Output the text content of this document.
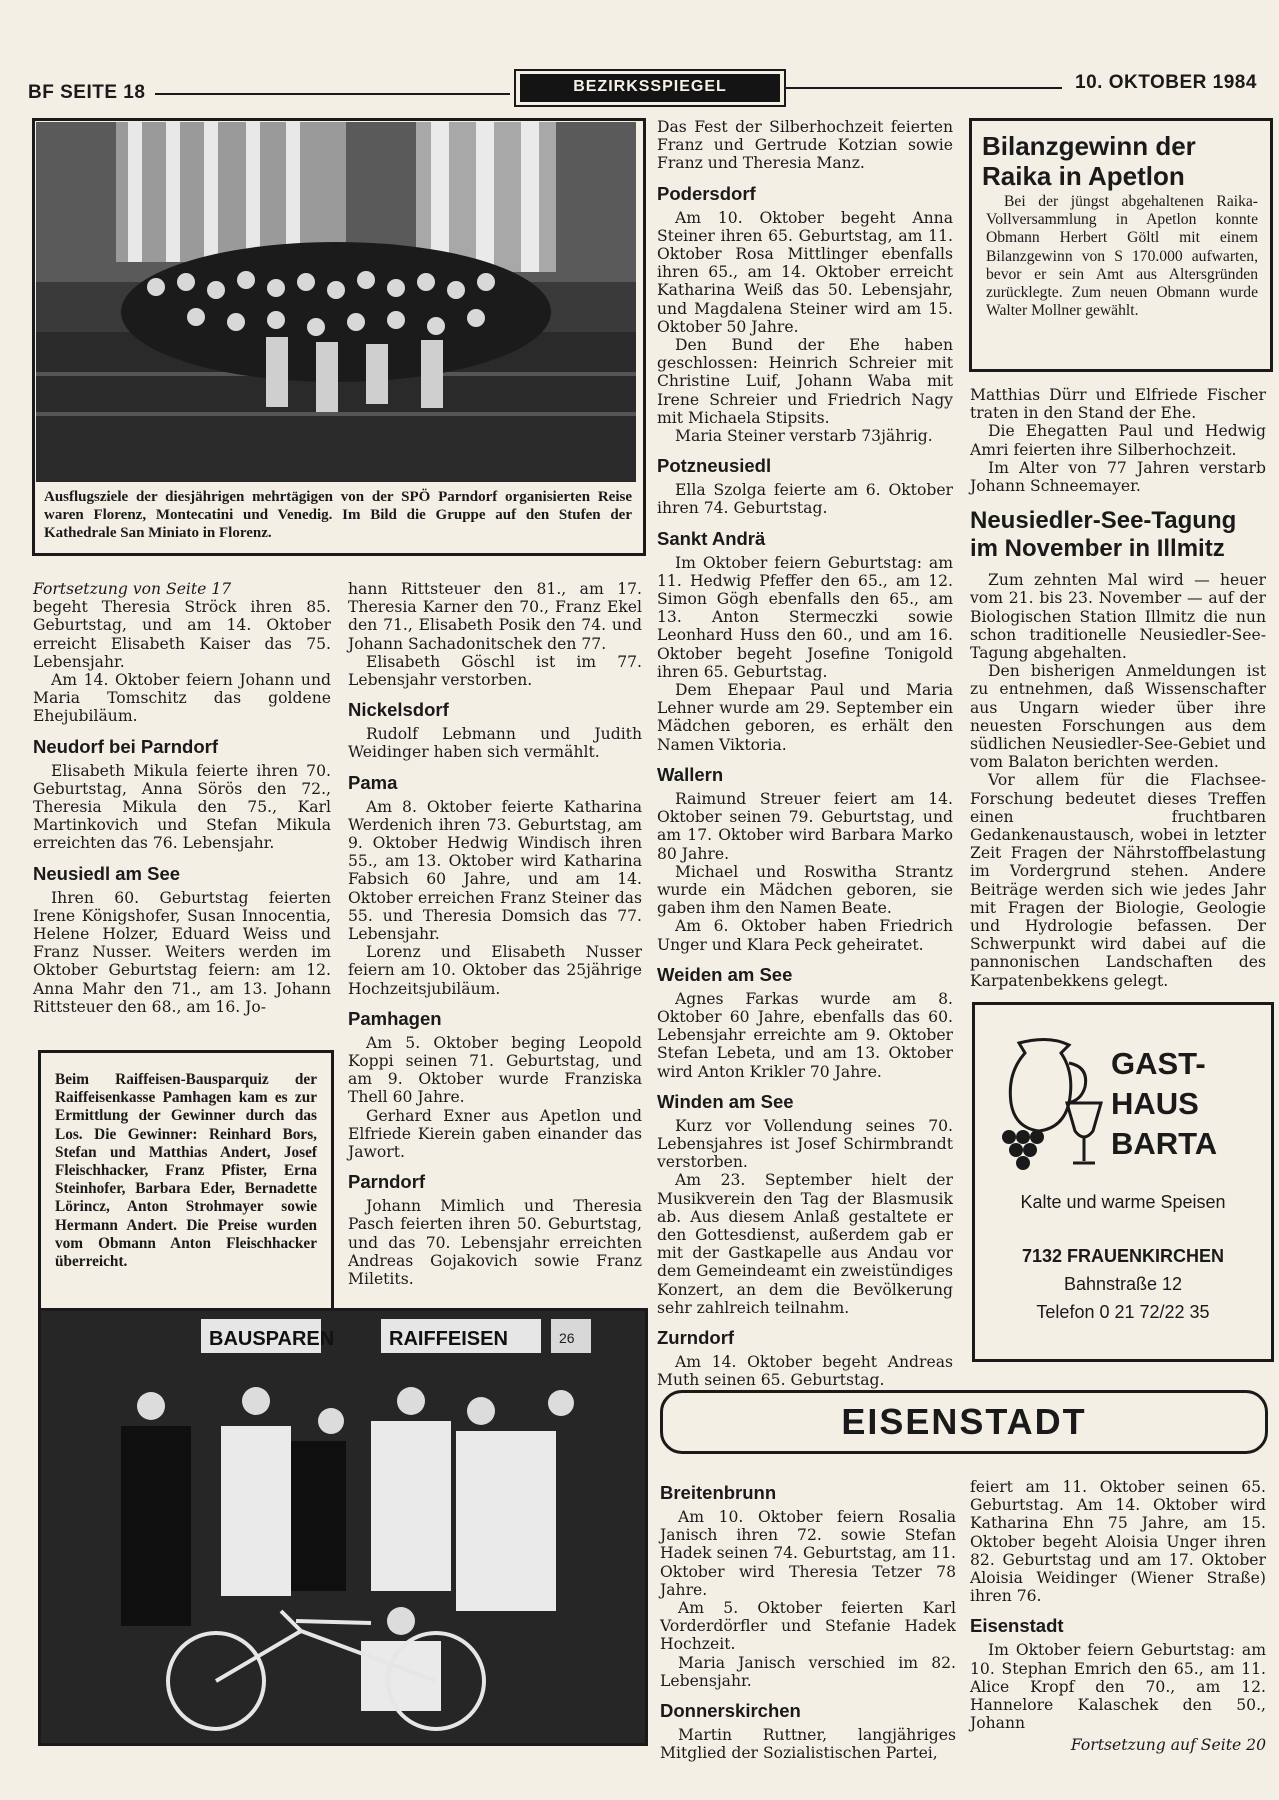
BF SEITE 18	BEZIRKSSPIEGEL	10. OKTOBER 1984
Ausflugsziele der diesjährigen mehrtägigen von der SPÖ Parndorf organisierten Reise waren Florenz, Montecatini und Venedig. Im Bild die Gruppe auf den Stufen der Kathedrale San Miniato in Florenz.

Fortsetzung von Seite 17

begeht Theresia Ströck ihren 85. Geburtstag, und am 14. Oktober erreicht Elisabeth Kaiser das 75. Lebensjahr.

Am 14. Oktober feiern Johann und Maria Tomschitz das goldene Ehejubiläum.

Neudorf bei Parndorf

Elisabeth Mikula feierte ihren 70. Geburtstag, Anna Sörös den 72., Theresia Mikula den 75., Karl Martinkovich und Stefan Mikula erreichten das 76. Lebensjahr.

Neusiedl am See

Ihren 60. Geburtstag feierten Irene Königshofer, Susan Innocentia, Helene Holzer, Eduard Weiss und Franz Nusser. Weiters werden im Oktober Geburtstag feiern: am 12. Anna Mahr den 71., am 13. Johann Rittsteuer den 68., am 16. Jo-

hann Rittsteuer den 81., am 17. Theresia Karner den 70., Franz Ekel den 71., Elisabeth Posik den 74. und Johann Sachadonitschek den 77.

Elisabeth Göschl ist im 77. Lebensjahr verstorben.

Nickelsdorf

Rudolf Lebmann und Judith Weidinger haben sich vermählt.

Pama

Am 8. Oktober feierte Katharina Werdenich ihren 73. Geburtstag, am 9. Oktober Hedwig Windisch ihren 55., am 13. Oktober wird Katharina Fabsich 60 Jahre, und am 14. Oktober erreichen Franz Steiner das 55. und Theresia Domsich das 77. Lebensjahr.

Lorenz und Elisabeth Nusser feiern am 10. Oktober das 25jährige Hochzeitsjubiläum.

Pamhagen

Am 5. Oktober beging Leopold Koppi seinen 71. Geburtstag, und am 9. Oktober wurde Franziska Thell 60 Jahre.

Gerhard Exner aus Apetlon und Elfriede Kierein gaben einander das Jawort.

Parndorf

Johann Mimlich und Theresia Pasch feierten ihren 50. Geburtstag, und das 70. Lebensjahr erreichten Andreas Gojakovich sowie Franz Miletits.

Beim Raiffeisen-Bausparquiz der Raiffeisenkasse Pamhagen kam es zur Ermittlung der Gewinner durch das Los. Die Gewinner: Reinhard Bors, Stefan und Matthias Andert, Josef Fleischhacker, Franz Pfister, Erna Steinhofer, Barbara Eder, Bernadette Lörincz, Anton Strohmayer sowie Hermann Andert. Die Preise wurden vom Obmann Anton Fleischhacker überreicht.
BAUSPAREN	RAIFFEISEN	26

Das Fest der Silberhochzeit feierten Franz und Gertrude Kotzian sowie Franz und Theresia Manz.

Podersdorf

Am 10. Oktober begeht Anna Steiner ihren 65. Geburtstag, am 11. Oktober Rosa Mittlinger ebenfalls ihren 65., am 14. Oktober erreicht Katharina Weiß das 50. Lebensjahr, und Magdalena Steiner wird am 15. Oktober 50 Jahre.

Den Bund der Ehe haben geschlossen: Heinrich Schreier mit Christine Luif, Johann Waba mit Irene Schreier und Friedrich Nagy mit Michaela Stipsits.

Maria Steiner verstarb 73jährig.

Potzneusiedl

Ella Szolga feierte am 6. Oktober ihren 74. Geburtstag.

Sankt Andrä

Im Oktober feiern Geburtstag: am 11. Hedwig Pfeffer den 65., am 12. Simon Gögh ebenfalls den 65., am 13. Anton Stermeczki sowie Leonhard Huss den 60., und am 16. Oktober begeht Josefine Tonigold ihren 65. Geburtstag.

Dem Ehepaar Paul und Maria Lehner wurde am 29. September ein Mädchen geboren, es erhält den Namen Viktoria.

Wallern

Raimund Streuer feiert am 14. Oktober seinen 79. Geburtstag, und am 17. Oktober wird Barbara Marko 80 Jahre.

Michael und Roswitha Strantz wurde ein Mädchen geboren, sie gaben ihm den Namen Beate.

Am 6. Oktober haben Friedrich Unger und Klara Peck geheiratet.

Weiden am See

Agnes Farkas wurde am 8. Oktober 60 Jahre, ebenfalls das 60. Lebensjahr erreichte am 9. Oktober Stefan Lebeta, und am 13. Oktober wird Anton Krikler 70 Jahre.

Winden am See

Kurz vor Vollendung seines 70. Lebensjahres ist Josef Schirmbrandt verstorben.

Am 23. September hielt der Musikverein den Tag der Blasmusik ab. Aus diesem Anlaß gestaltete er den Gottesdienst, außerdem gab er mit der Gastkapelle aus Andau vor dem Gemeindeamt ein zweistündiges Konzert, an dem die Bevölkerung sehr zahlreich teilnahm.

Zurndorf

Am 14. Oktober begeht Andreas Muth seinen 65. Geburtstag.

Bilanzgewinn der Raika in Apetlon
Bei der jüngst abgehaltenen Raika-Vollversammlung in Apetlon konnte Obmann Herbert Göltl mit einem Bilanzgewinn von S 170.000 aufwarten, bevor er sein Amt aus Altersgründen zurücklegte. Zum neuen Obmann wurde Walter Mollner gewählt.

Matthias Dürr und Elfriede Fischer traten in den Stand der Ehe.

Die Ehegatten Paul und Hedwig Amri feierten ihre Silberhochzeit.

Im Alter von 77 Jahren verstarb Johann Schneemayer.

Neusiedler-See-Tagung im November in Illmitz

Zum zehnten Mal wird — heuer vom 21. bis 23. November — auf der Biologischen Station Illmitz die nun schon traditionelle Neusiedler-See-Tagung abgehalten.

Den bisherigen Anmeldungen ist zu entnehmen, daß Wissenschafter aus Ungarn wieder über ihre neuesten Forschungen aus dem südlichen Neusiedler-See-Gebiet und vom Balaton berichten werden.

Vor allem für die Flachsee-Forschung bedeutet dieses Treffen einen fruchtbaren Gedankenaustausch, wobei in letzter Zeit Fragen der Nährstoffbelastung im Vordergrund stehen. Andere Beiträge werden sich wie jedes Jahr mit Fragen der Biologie, Geologie und Hydrologie befassen. Der Schwerpunkt wird dabei auf die pannonischen Landschaften des Karpatenbekkens gelegt.

GAST-
HAUS
BARTA
Kalte und warme Speisen
7132 FRAUENKIRCHEN
Bahnstraße 12
Telefon 0 21 72/22 35
EISENSTADT
Breitenbrunn

Am 10. Oktober feiern Rosalia Janisch ihren 72. sowie Stefan Hadek seinen 74. Geburtstag, am 11. Oktober wird Theresia Tetzer 78 Jahre.

Am 5. Oktober feierten Karl Vorderdörfler und Stefanie Hadek Hochzeit.

Maria Janisch verschied im 82. Lebensjahr.

Donnerskirchen

Martin Ruttner, langjähriges Mitglied der Sozialistischen Partei,

feiert am 11. Oktober seinen 65. Geburtstag. Am 14. Oktober wird Katharina Ehn 75 Jahre, am 15. Oktober begeht Aloisia Unger ihren 82. Geburtstag und am 17. Oktober Aloisia Weidinger (Wiener Straße) ihren 76.

Eisenstadt

Im Oktober feiern Geburtstag: am 10. Stephan Emrich den 65., am 11. Alice Kropf den 70., am 12. Hannelore Kalaschek den 50., Johann

Fortsetzung auf Seite 20
